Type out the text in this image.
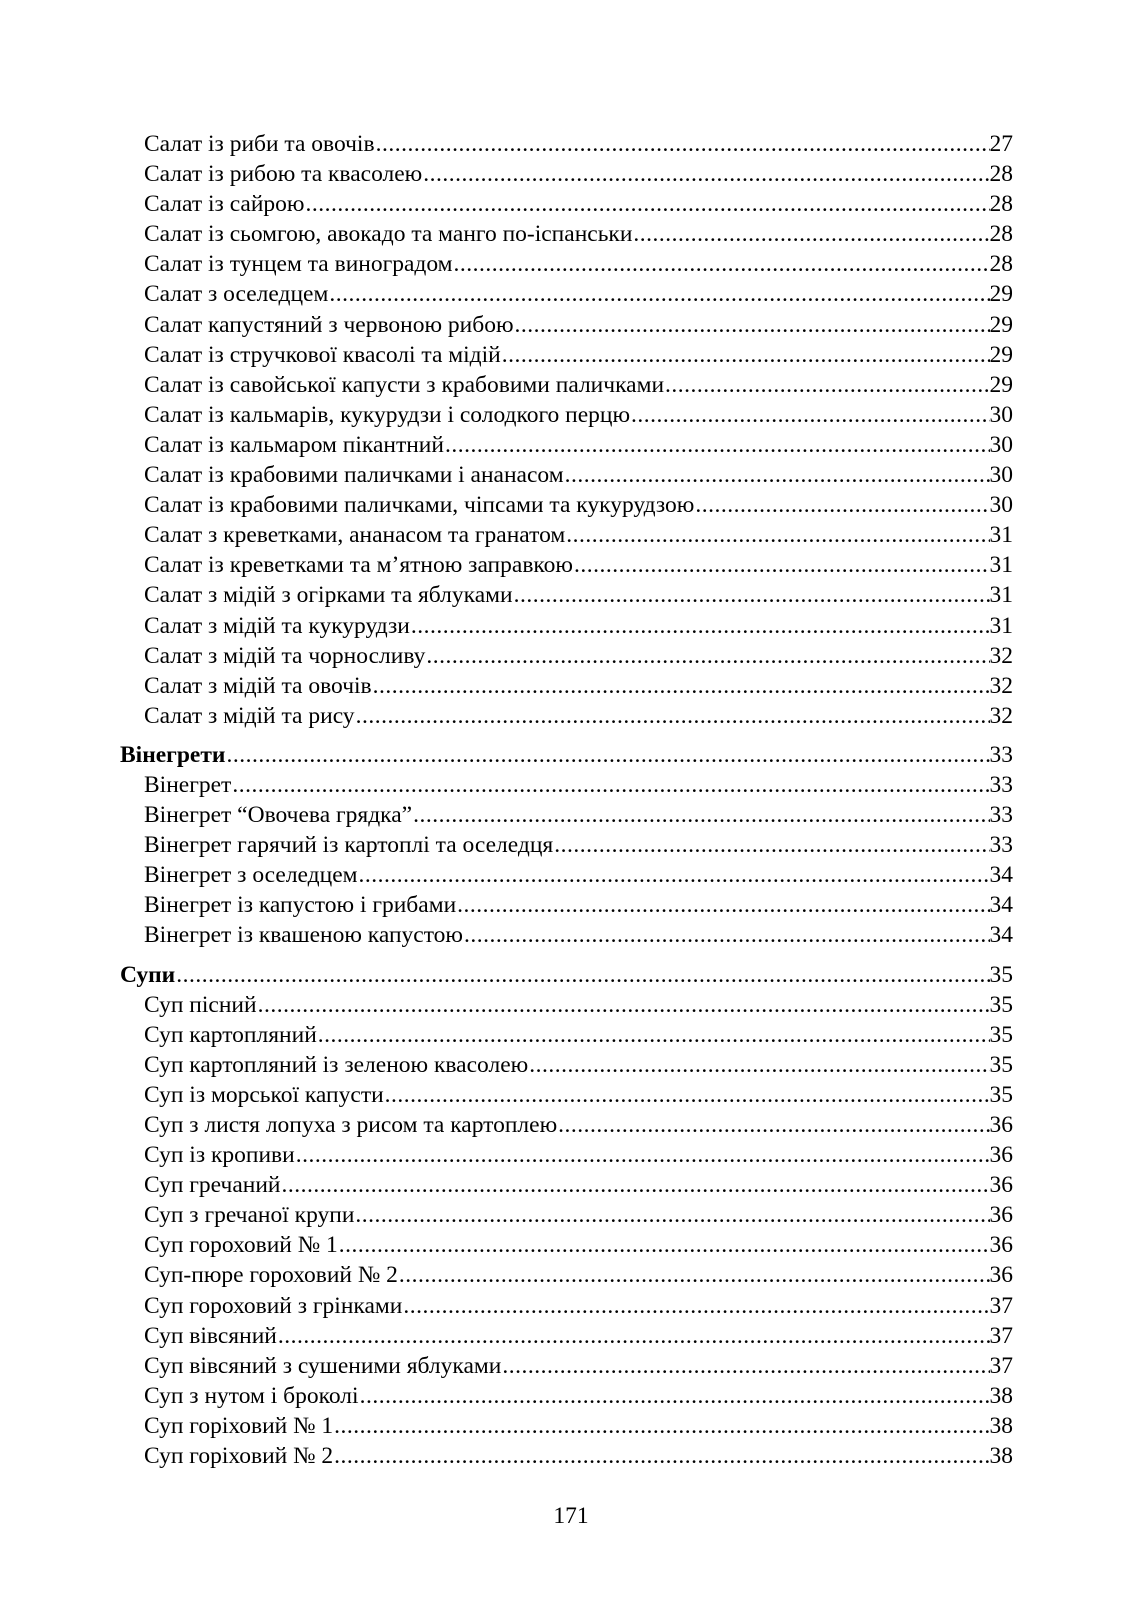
Салат із риби та овочів .....	27
Салат із рибою та квасолею .....	28
Салат із сайрою .....	28
Салат із сьомгою, авокадо та манго по-іспанськи .....	28
Салат із тунцем та виноградом .....	28
Салат з оселедцем .....	29
Салат капустяний з червоною рибою .....	29
Салат із стручкової квасолі та мідій .....	29
Салат із савойської капусти з крабовими паличками .....	29
Салат із кальмарів, кукурудзи і солодкого перцю .....	30
Салат із кальмаром пікантний .....	30
Салат із крабовими паличками і ананасом .....	30
Салат із крабовими паличками, чіпсами та кукурудзою .....	30
Салат з креветками, ананасом та гранатом .....	31
Салат із креветками та м’ятною заправкою .....	31
Салат з мідій з огірками та яблуками .....	31
Салат з мідій та кукурудзи .....	31
Салат з мідій та чорносливу .....	32
Салат з мідій та овочів .....	32
Салат з мідій та рису .....	32
Вінегрети .....	33
Вінегрет .....	33
Вінегрет “Овочева грядка” .....	33
Вінегрет гарячий із картоплі та оселедця .....	33
Вінегрет з оселедцем .....	34
Вінегрет із капустою і грибами .....	34
Вінегрет із квашеною капустою .....	34
Супи .....	35
Суп пісний .....	35
Суп картопляний .....	35
Суп картопляний із зеленою квасолею .....	35
Суп із морської капусти .....	35
Суп з листя лопуха з рисом та картоплею .....	36
Суп із кропиви .....	36
Суп гречаний .....	36
Суп з гречаної крупи .....	36
Суп гороховий № 1 .....	36
Суп-пюре гороховий № 2 .....	36
Суп гороховий з грінками .....	37
Суп вівсяний .....	37
Суп вівсяний з сушеними яблуками .....	37
Суп з нутом і броколі .....	38
Суп горіховий № 1 .....	38
Суп горіховий № 2 .....	38
171
